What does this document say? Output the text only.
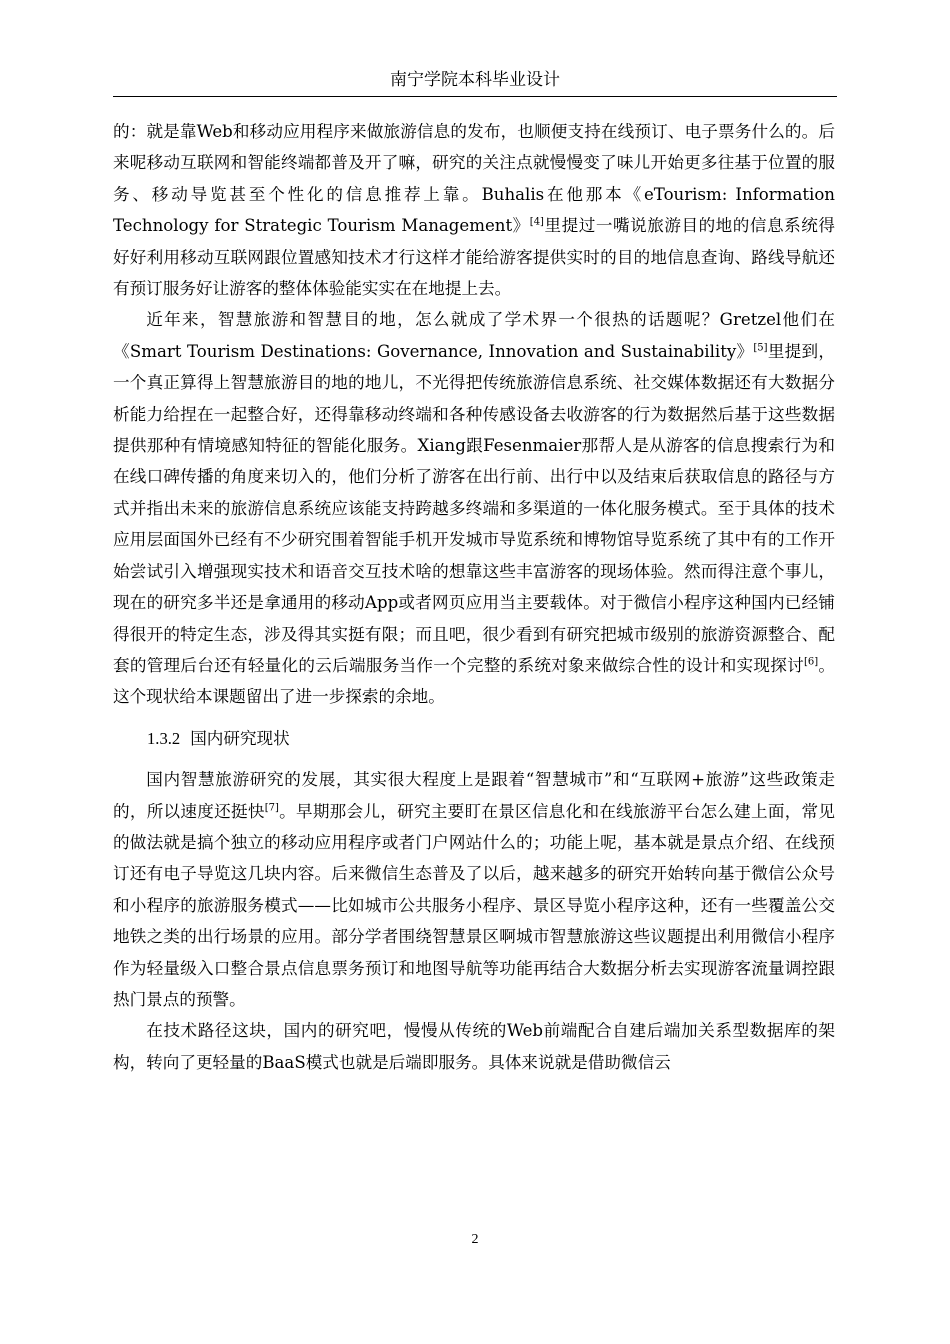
南宁学院本科毕业设计

的：就是靠Web和移动应用程序来做旅游信息的发布，也顺便支持在线预订、电子票务什么的。后来呢移动互联网和智能终端都普及开了嘛，研究的关注点就慢慢变了味儿开始更多往基于位置的服务、移动导览甚至个性化的信息推荐上靠。Buhalis在他那本《eTourism: Information Technology for Strategic Tourism Management》[4]里提过一嘴说旅游目的地的信息系统得好好利用移动互联网跟位置感知技术才行这样才能给游客提供实时的目的地信息查询、路线导航还有预订服务好让游客的整体体验能实实在在地提上去。

近年来，智慧旅游和智慧目的地，怎么就成了学术界一个很热的话题呢？Gretzel他们在《Smart Tourism Destinations: Governance, Innovation and Sustainability》[5]里提到，一个真正算得上智慧旅游目的地的地儿，不光得把传统旅游信息系统、社交媒体数据还有大数据分析能力给捏在一起整合好，还得靠移动终端和各种传感设备去收游客的行为数据然后基于这些数据提供那种有情境感知特征的智能化服务。Xiang跟Fesenmaier那帮人是从游客的信息搜索行为和在线口碑传播的角度来切入的，他们分析了游客在出行前、出行中以及结束后获取信息的路径与方式并指出未来的旅游信息系统应该能支持跨越多终端和多渠道的一体化服务模式。至于具体的技术应用层面国外已经有不少研究围着智能手机开发城市导览系统和博物馆导览系统了其中有的工作开始尝试引入增强现实技术和语音交互技术啥的想靠这些丰富游客的现场体验。然而得注意个事儿，现在的研究多半还是拿通用的移动App或者网页应用当主要载体。对于微信小程序这种国内已经铺得很开的特定生态，涉及得其实挺有限；而且吧，很少看到有研究把城市级别的旅游资源整合、配套的管理后台还有轻量化的云后端服务当作一个完整的系统对象来做综合性的设计和实现探讨[6]。这个现状给本课题留出了进一步探索的余地。

1.3.2 国内研究现状

国内智慧旅游研究的发展，其实很大程度上是跟着“智慧城市”和“互联网+旅游”这些政策走的，所以速度还挺快[7]。早期那会儿，研究主要盯在景区信息化和在线旅游平台怎么建上面，常见的做法就是搞个独立的移动应用程序或者门户网站什么的；功能上呢，基本就是景点介绍、在线预订还有电子导览这几块内容。后来微信生态普及了以后，越来越多的研究开始转向基于微信公众号和小程序的旅游服务模式——比如城市公共服务小程序、景区导览小程序这种，还有一些覆盖公交地铁之类的出行场景的应用。部分学者围绕智慧景区啊城市智慧旅游这些议题提出利用微信小程序作为轻量级入口整合景点信息票务预订和地图导航等功能再结合大数据分析去实现游客流量调控跟热门景点的预警。

在技术路径这块，国内的研究吧，慢慢从传统的Web前端配合自建后端加关系型数据库的架构，转向了更轻量的BaaS模式也就是后端即服务。具体来说就是借助微信云

2
